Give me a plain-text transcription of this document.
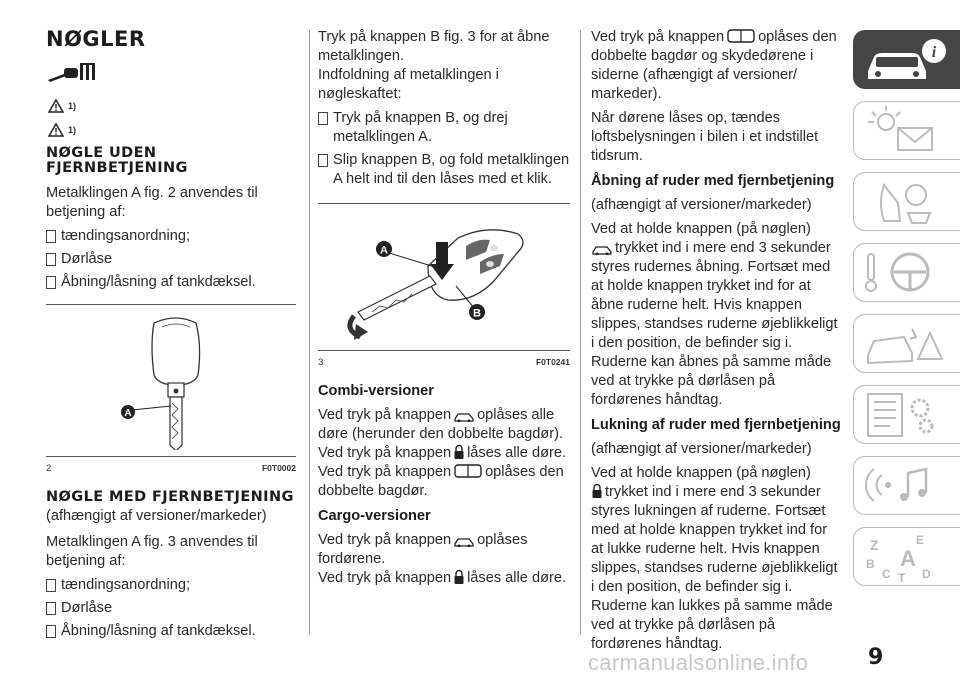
NØGLER
1)
1)
NØGLE UDEN FJERNBETJENING

Metalklingen A fig. 2 anvendes til betjening af:

tændingsanordning;
Dørlåse
Åbning/låsning af tankdæksel.
A
2	F0T0002
NØGLE MED FJERNBETJENING

(afhængigt af versioner/markeder)

Metalklingen A fig. 3 anvendes til betjening af:

tændingsanordning;
Dørlåse
Åbning/låsning af tankdæksel.

Tryk på knappen B fig. 3 for at åbne metalklingen.

Indfoldning af metalklingen i nøgleskaftet:

Tryk på knappen B, og drej metalklingen A.
Slip knappen B, og fold metalklingen A helt ind til den låses med et klik.
A
B
3	F0T0241
Combi-versioner

Ved tryk på knappen oplåses alle døre (herunder den dobbelte bagdør).

Ved tryk på knappen låses alle døre.

Ved tryk på knappen oplåses den dobbelte bagdør.

Cargo-versioner

Ved tryk på knappen oplåses fordørene.

Ved tryk på knappen låses alle døre.

Ved tryk på knappen oplåses den dobbelte bagdør og skydedørene i siderne (afhængigt af versioner/ markeder).

Når dørene låses op, tændes loftsbelysningen i bilen i et indstillet tidsrum.

Åbning af ruder med fjernbetjening

(afhængigt af versioner/markeder)

Ved at holde knappen (på nøglen)
trykket ind i mere end 3 sekunder styres rudernes åbning. Fortsæt med at holde knappen trykket ind for at åbne ruderne helt. Hvis knappen slippes, standses ruderne øjeblikkeligt i den position, de befinder sig i. Ruderne kan åbnes på samme måde ved at trykke på dørlåsen på fordørenes håndtag.

Lukning af ruder med fjernbetjening

(afhængigt af versioner/markeder)

Ved at holde knappen (på nøglen)
trykket ind i mere end 3 sekunder styres lukningen af ruderne. Fortsæt med at holde knappen trykket ind for at lukke ruderne helt. Hvis knappen slippes, standses ruderne øjeblikkeligt i den position, de befinder sig i. Ruderne kan lukkes på samme måde ved at trykke på dørlåsen på fordørenes håndtag.

i
Z	E
B A
C T D
9
carmanualsonline.info
